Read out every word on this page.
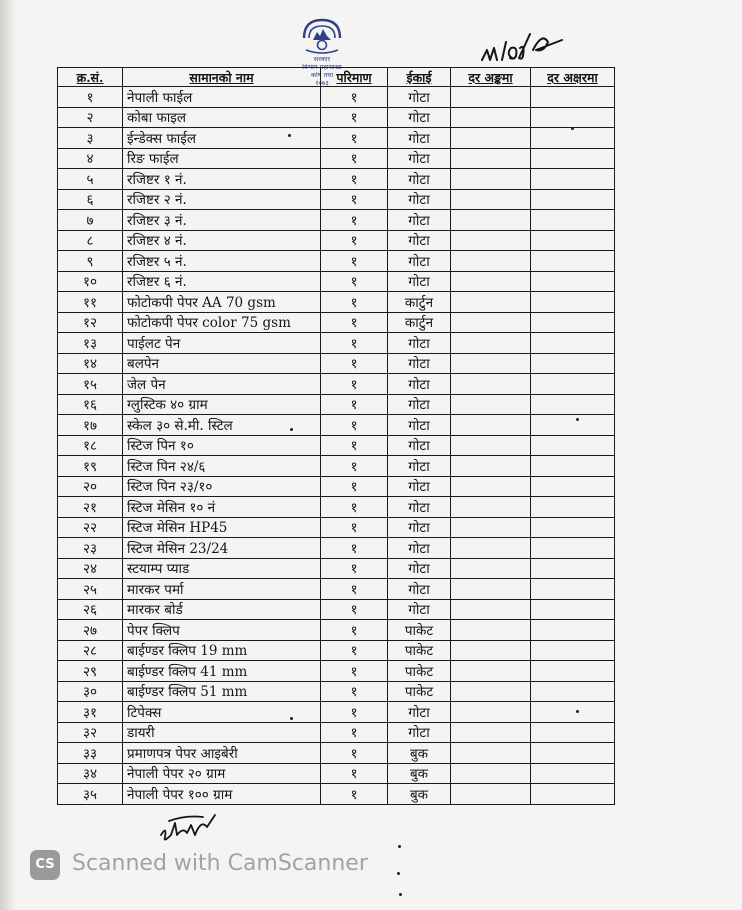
सरकार
विभाग महाशाखा
कोष तथा
२०७३
क्र.सं.	सामानको नाम	परिमाण	ईकाई	दर अङ्कमा	दर अक्षरमा
१	नेपाली फाईल	१	गोटा		
२	कोबा फाइल	१	गोटा		
३	ईन्डेक्स फाईल	१	गोटा		
४	रिङ फाईल	१	गोटा		
५	रजिष्टर १ नं.	१	गोटा		
६	रजिष्टर २ नं.	१	गोटा		
७	रजिष्टर ३ नं.	१	गोटा		
८	रजिष्टर ४ नं.	१	गोटा		
९	रजिष्टर ५ नं.	१	गोटा		
१०	रजिष्टर ६ नं.	१	गोटा		
११	फोटोकपी पेपर AA 70 gsm	१	कार्टुन		
१२	फोटोकपी पेपर color 75 gsm	१	कार्टुन		
१३	पाईलट पेन	१	गोटा		
१४	बलपेन	१	गोटा		
१५	जेल पेन	१	गोटा		
१६	ग्लुस्टिक ४० ग्राम	१	गोटा		
१७	स्केल ३० से.मी. स्टिल	१	गोटा		
१८	स्टिज पिन १०	१	गोटा		
१९	स्टिज पिन २४/६	१	गोटा		
२०	स्टिज पिन २३/१०	१	गोटा		
२१	स्टिज मेसिन १० नं	१	गोटा		
२२	स्टिज मेसिन HP45	१	गोटा		
२३	स्टिज मेसिन 23/24	१	गोटा		
२४	स्टयाम्प प्याड	१	गोटा		
२५	मारकर पर्मा	१	गोटा		
२६	मारकर बोर्ड	१	गोटा		
२७	पेपर क्लिप	१	पाकेट		
२८	बाईण्डर क्लिप 19 mm	१	पाकेट		
२९	बाईण्डर क्लिप 41 mm	१	पाकेट		
३०	बाईण्डर क्लिप 51 mm	१	पाकेट		
३१	टिपेक्स	१	गोटा		
३२	डायरी	१	गोटा		
३३	प्रमाणपत्र पेपर आइबेरी	१	बुक		
३४	नेपाली पेपर २० ग्राम	१	बुक		
३५	नेपाली पेपर १०० ग्राम	१	बुक		
CS Scanned with CamScanner
